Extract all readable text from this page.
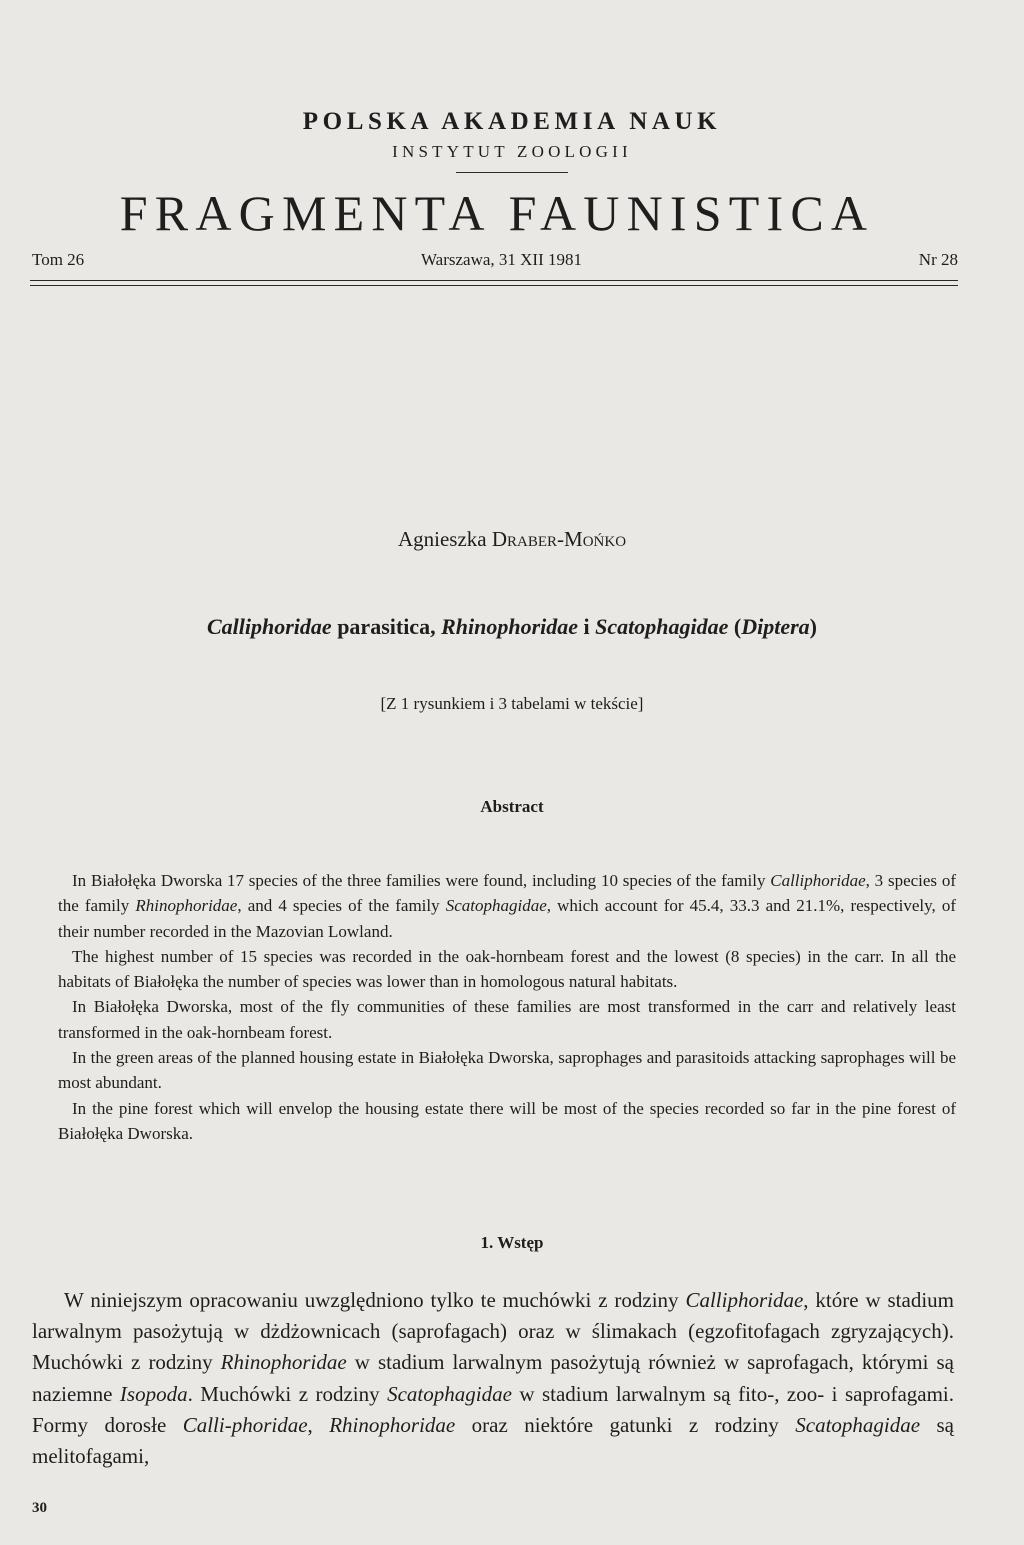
POLSKA AKADEMIA NAUK
INSTYTUT ZOOLOGII
FRAGMENTA FAUNISTICA
Tom 26	Warszawa, 31 XII 1981	Nr 28
Agnieszka Draber-Mońko
Calliphoridae parasitica, Rhinophoridae i Scatophagidae (Diptera)
[Z 1 rysunkiem i 3 tabelami w tekście]
Abstract

In Białołęka Dworska 17 species of the three families were found, including 10 species of the family Calliphoridae, 3 species of the family Rhinophoridae, and 4 species of the family Scatophagidae, which account for 45.4, 33.3 and 21.1%, respectively, of their number recorded in the Mazovian Lowland.

The highest number of 15 species was recorded in the oak-hornbeam forest and the lowest (8 species) in the carr. In all the habitats of Białołęka the number of species was lower than in homologous natural habitats.

In Białołęka Dworska, most of the fly communities of these families are most transformed in the carr and relatively least transformed in the oak-hornbeam forest.

In the green areas of the planned housing estate in Białołęka Dworska, saprophages and parasitoids attacking saprophages will be most abundant.

In the pine forest which will envelop the housing estate there will be most of the species recorded so far in the pine forest of Białołęka Dworska.

1. Wstęp

W niniejszym opracowaniu uwzględniono tylko te muchówki z rodziny Calliphoridae, które w stadium larwalnym pasożytują w dżdżownicach (saprofagach) oraz w ślimakach (egzofitofagach zgryzających). Muchówki z rodziny Rhinophoridae w stadium larwalnym pasożytują również w saprofagach, którymi są naziemne Isopoda. Muchówki z rodziny Scatophagidae w stadium larwalnym są fito-, zoo- i saprofagami. Formy dorosłe Calli-phoridae, Rhinophoridae oraz niektóre gatunki z rodziny Scatophagidae są melitofagami,

30
